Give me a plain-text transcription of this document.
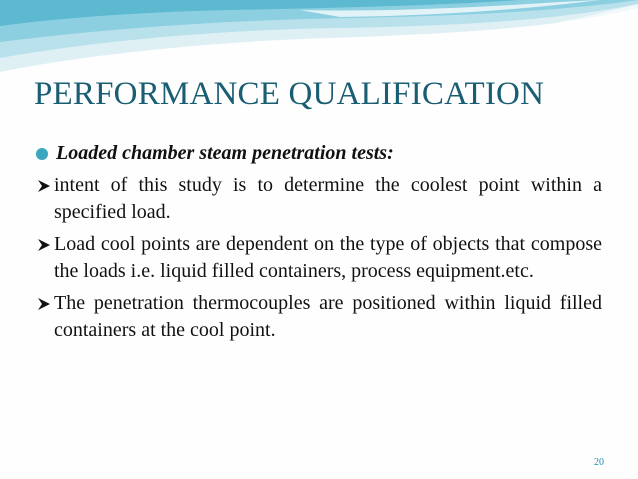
PERFORMANCE QUALIFICATION
Loaded chamber steam penetration tests:
intent of this study is to determine the coolest point within a specified load.
Load cool points are dependent on the type of objects that compose the loads i.e. liquid filled containers, process equipment.etc.
The penetration thermocouples are positioned within liquid filled containers at the cool point.
20
